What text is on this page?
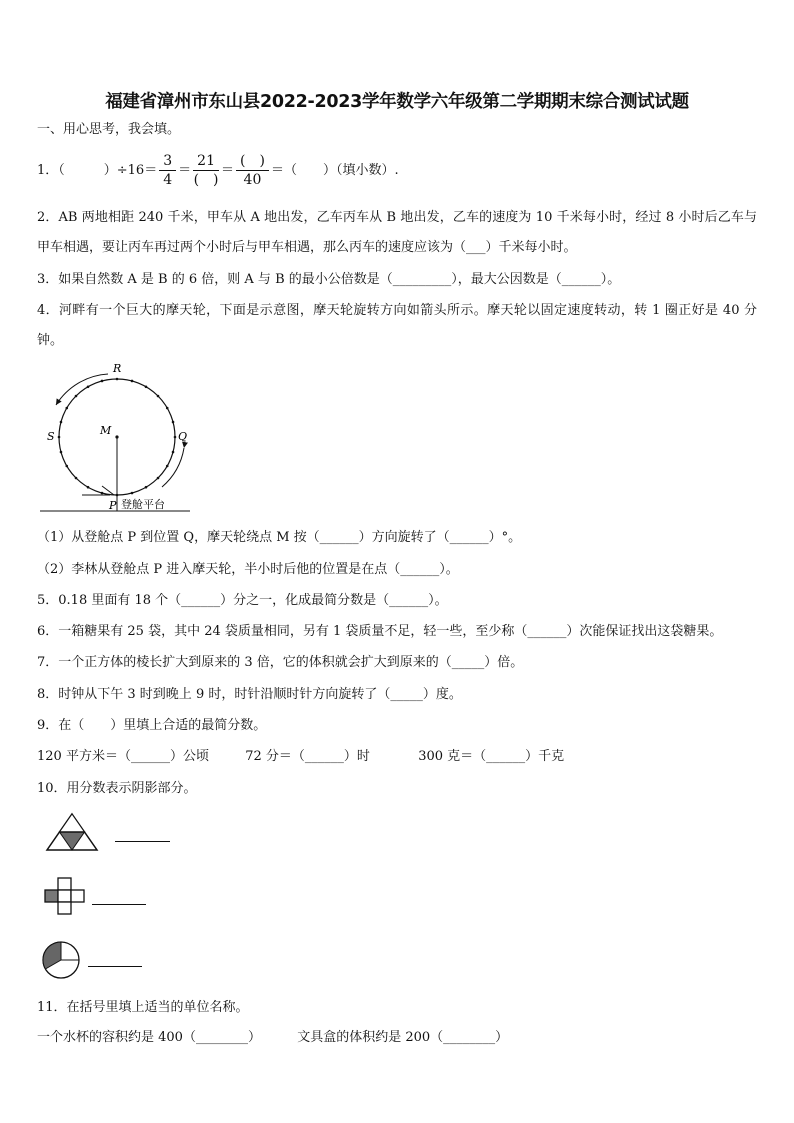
福建省漳州市东山县2022-2023学年数学六年级第二学期期末综合测试试题
一、用心思考，我会填。
1．（　　　）$\div 16= \frac{3}{4} = \frac{21}{( )} = \frac{( )}{40}$ ＝（　　）（填小数）.
2．AB 两地相距 240 千米，甲车从 A 地出发，乙车丙车从 B 地出发，乙车的速度为 10 千米每小时，经过 8 小时后乙车与甲车相遇，要让丙车再过两个小时后与甲车相遇，那么丙车的速度应该为（___）千米每小时。
3．如果自然数 A 是 B 的 6 倍，则 A 与 B 的最小公倍数是（_________），最大公因数是（______）。
4．河畔有一个巨大的摩天轮，下面是示意图，摩天轮旋转方向如箭头所示。摩天轮以固定速度转动，转 1 圈正好是 40 分钟。
R
S	Q
M
P 登舱平台
（1）从登舱点 P 到位置 Q，摩天轮绕点 M 按（______）方向旋转了（______）°。
（2）李林从登舱点 P 进入摩天轮，半小时后他的位置是在点（______）。
5．0.18 里面有 18 个（______）分之一，化成最简分数是（______）。
6．一箱糖果有 25 袋，其中 24 袋质量相同，另有 1 袋质量不足，轻一些，至少称（______）次能保证找出这袋糖果。
7．一个正方体的棱长扩大到原来的 3 倍，它的体积就会扩大到原来的（_____）倍。
8．时钟从下午 3 时到晚上 9 时，时针沿顺时针方向旋转了（_____）度。
9．在（　　）里填上合适的最简分数。
120 平方米＝（______）公顷	72 分＝（______）时	300 克＝（______）千克
10．用分数表示阴影部分。
11．在括号里填上适当的单位名称。
一个水杯的容积约是 400（________）	文具盒的体积约是 200（________）
